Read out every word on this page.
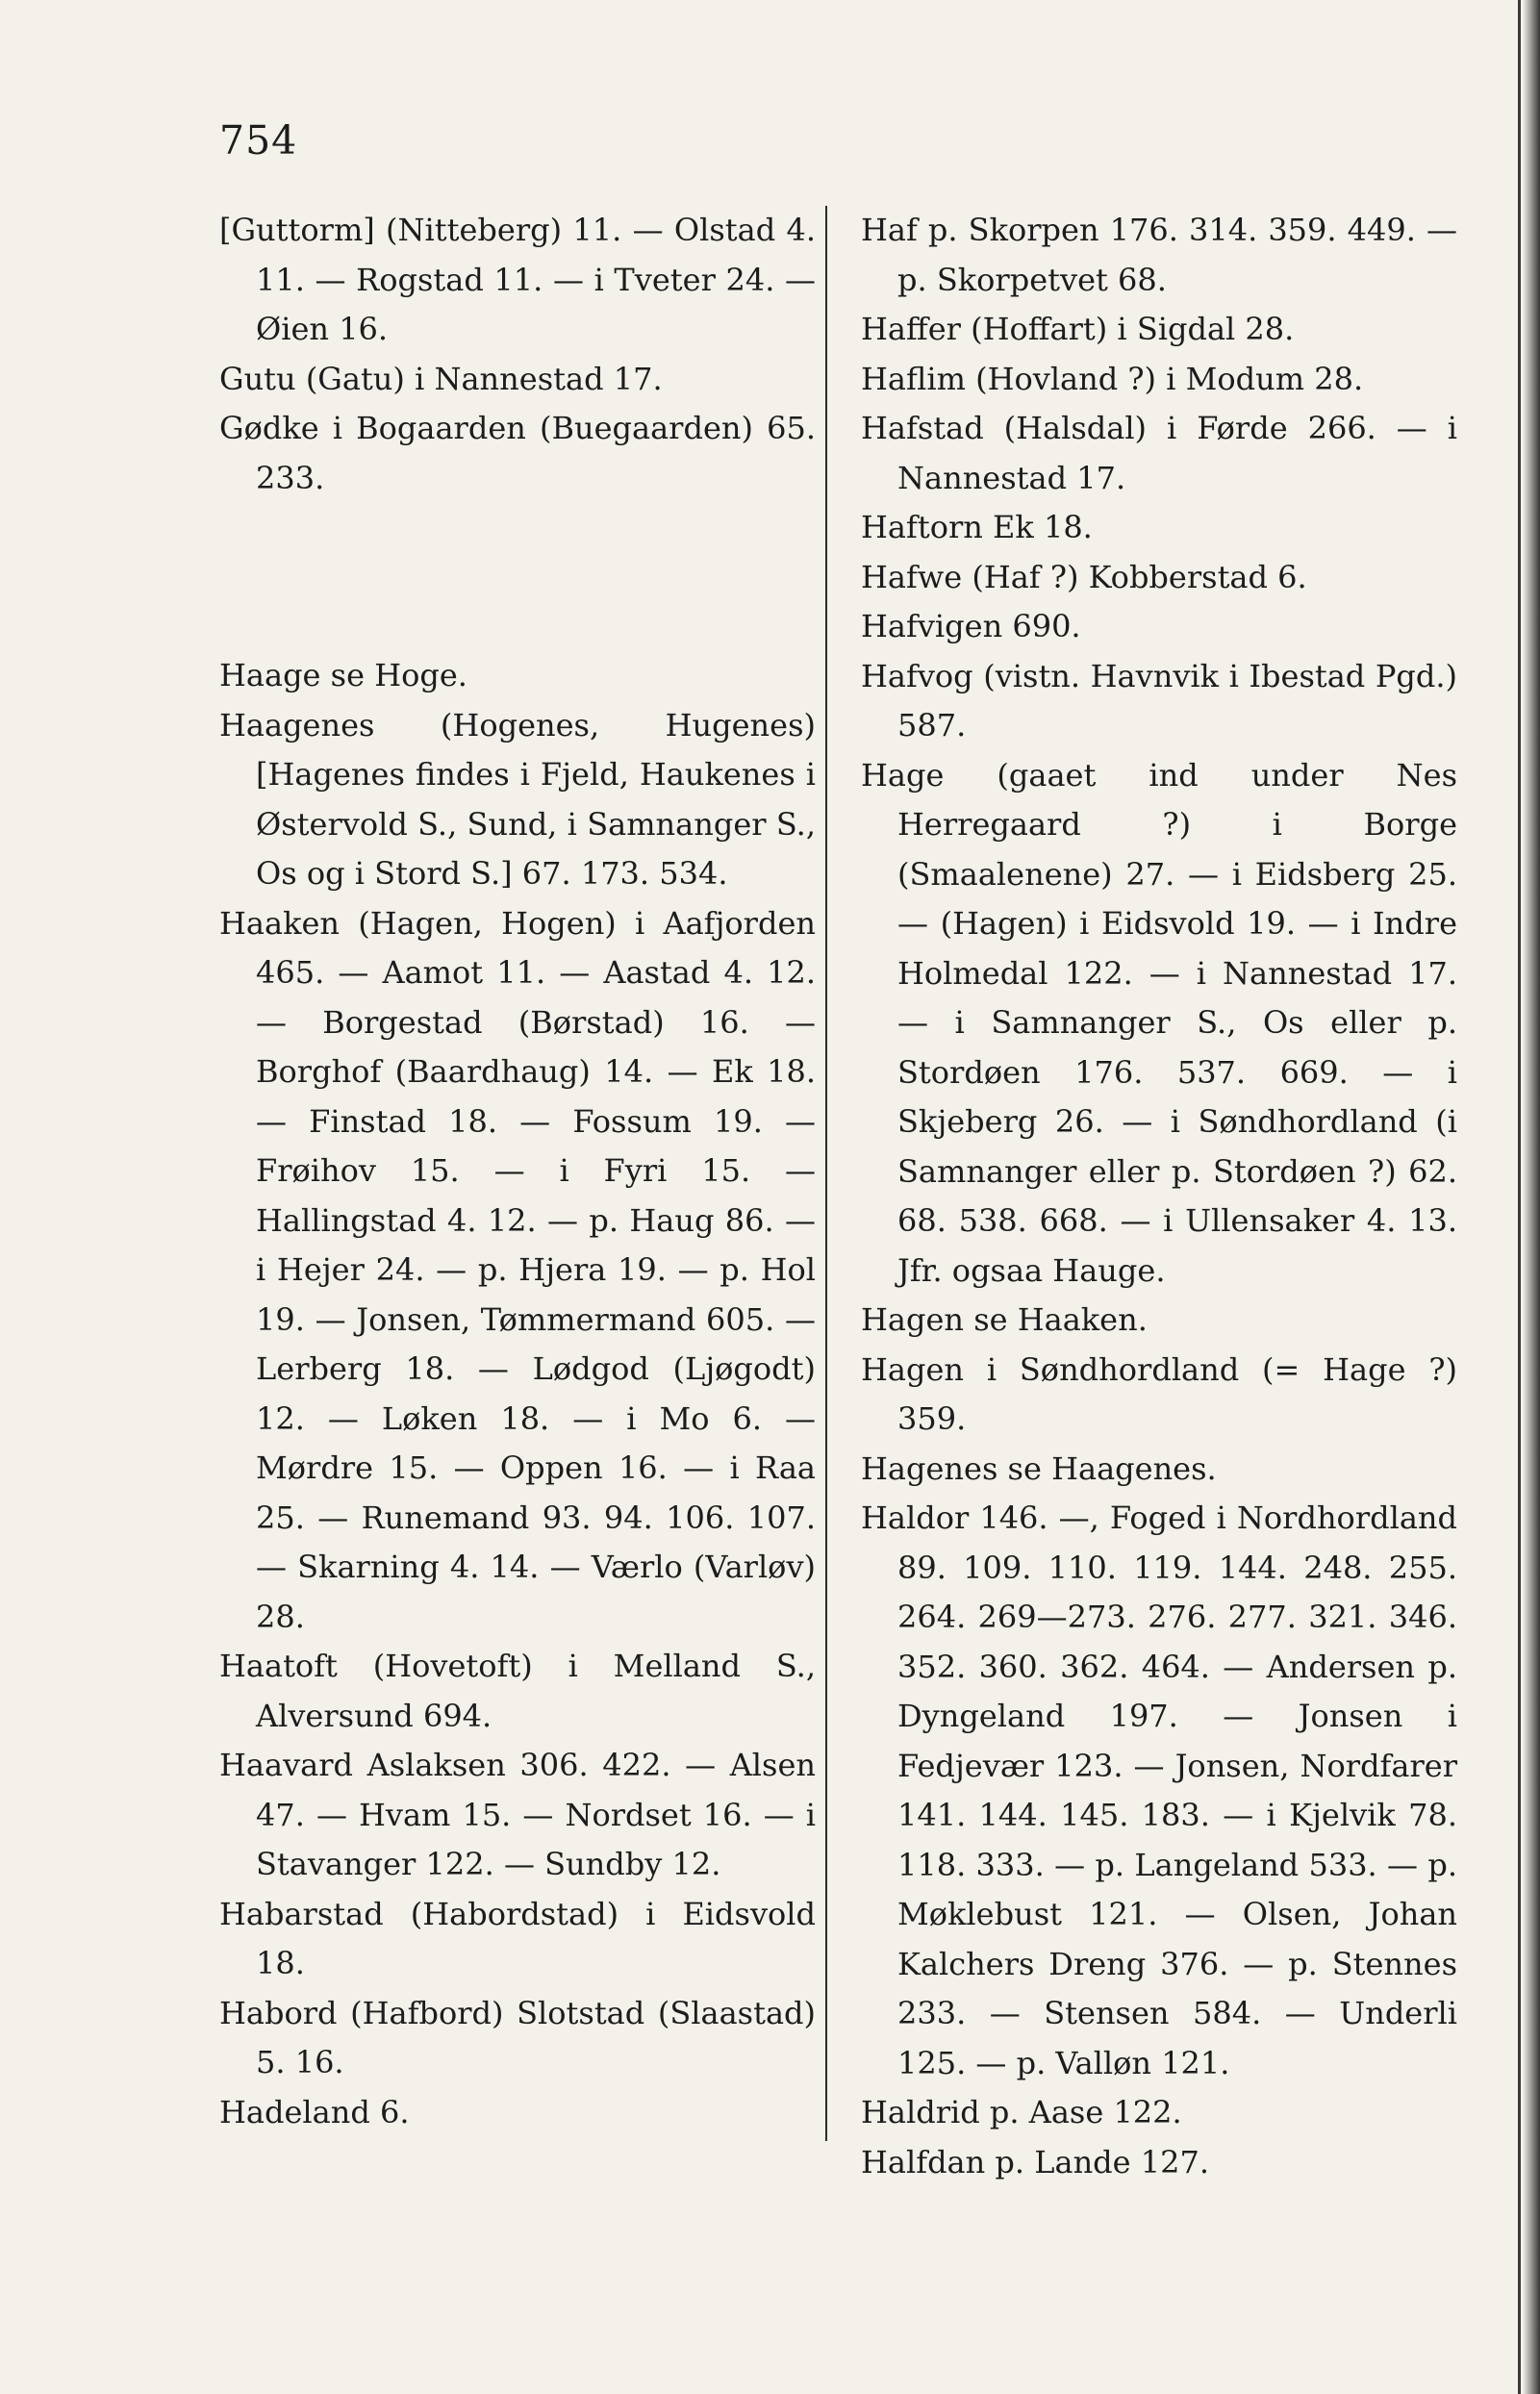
754

[Guttorm] (Nitteberg) 11. — Olstad 4. 11. — Rogstad 11. — i Tveter 24. — Øien 16.

Gutu (Gatu) i Nannestad 17.

Gødke i Bogaarden (Buegaarden) 65. 233.

Haage se Hoge.

Haagenes (Hogenes, Hugenes) [Hagenes findes i Fjeld, Haukenes i Østervold S., Sund, i Samnanger S., Os og i Stord S.] 67. 173. 534.

Haaken (Hagen, Hogen) i Aafjorden 465. — Aamot 11. — Aastad 4. 12. — Borgestad (Børstad) 16. — Borghof (Baardhaug) 14. — Ek 18. — Finstad 18. — Fossum 19. — Frøihov 15. — i Fyri 15. — Hallingstad 4. 12. — p. Haug 86. — i Hejer 24. — p. Hjera 19. — p. Hol 19. — Jonsen, Tømmermand 605. — Lerberg 18. — Lødgod (Ljøgodt) 12. — Løken 18. — i Mo 6. — Mørdre 15. — Oppen 16. — i Raa 25. — Runemand 93. 94. 106. 107. — Skarning 4. 14. — Værlo (Varløv) 28.

Haatoft (Hovetoft) i Melland S., Alversund 694.

Haavard Aslaksen 306. 422. — Alsen 47. — Hvam 15. — Nordset 16. — i Stavanger 122. — Sundby 12.

Habarstad (Habordstad) i Eidsvold 18.

Habord (Hafbord) Slotstad (Slaastad) 5. 16.

Hadeland 6.

Haf p. Skorpen 176. 314. 359. 449. — p. Skorpetvet 68.

Haffer (Hoffart) i Sigdal 28.

Haflim (Hovland ?) i Modum 28.

Hafstad (Halsdal) i Førde 266. — i Nannestad 17.

Haftorn Ek 18.

Hafwe (Haf ?) Kobberstad 6.

Hafvigen 690.

Hafvog (vistn. Havnvik i Ibestad Pgd.) 587.

Hage (gaaet ind under Nes Herregaard ?) i Borge (Smaalenene) 27. — i Eidsberg 25. — (Hagen) i Eidsvold 19. — i Indre Holmedal 122. — i Nannestad 17. — i Samnanger S., Os eller p. Stordøen 176. 537. 669. — i Skjeberg 26. — i Søndhordland (i Samnanger eller p. Stordøen ?) 62. 68. 538. 668. — i Ullensaker 4. 13. Jfr. ogsaa Hauge.

Hagen se Haaken.

Hagen i Søndhordland (= Hage ?) 359.

Hagenes se Haagenes.

Haldor 146. —, Foged i Nordhordland 89. 109. 110. 119. 144. 248. 255. 264. 269—273. 276. 277. 321. 346. 352. 360. 362. 464. — Andersen p. Dyngeland 197. — Jonsen i Fedjevær 123. — Jonsen, Nordfarer 141. 144. 145. 183. — i Kjelvik 78. 118. 333. — p. Langeland 533. — p. Møklebust 121. — Olsen, Johan Kalchers Dreng 376. — p. Stennes 233. — Stensen 584. — Underli 125. — p. Valløn 121.

Haldrid p. Aase 122.

Halfdan p. Lande 127.
